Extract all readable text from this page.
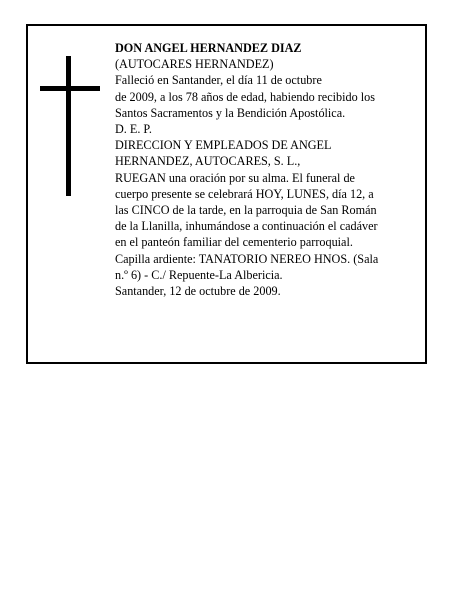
DON ANGEL HERNANDEZ DIAZ
(AUTOCARES HERNANDEZ)
Falleció en Santander, el día 11 de octubre
de 2009, a los 78 años de edad, habiendo recibido los
Santos Sacramentos y la Bendición Apostólica.
D. E. P.
DIRECCION Y EMPLEADOS DE ANGEL
HERNANDEZ, AUTOCARES, S. L.,
RUEGAN una oración por su alma. El funeral de
cuerpo presente se celebrará HOY, LUNES, día 12, a
las CINCO de la tarde, en la parroquia de San Román
de la Llanilla, inhumándose a continuación el cadáver
en el panteón familiar del cementerio parroquial.
Capilla ardiente: TANATORIO NEREO HNOS. (Sala
n.º 6) - C./ Repuente-La Albericia.
Santander, 12 de octubre de 2009.
